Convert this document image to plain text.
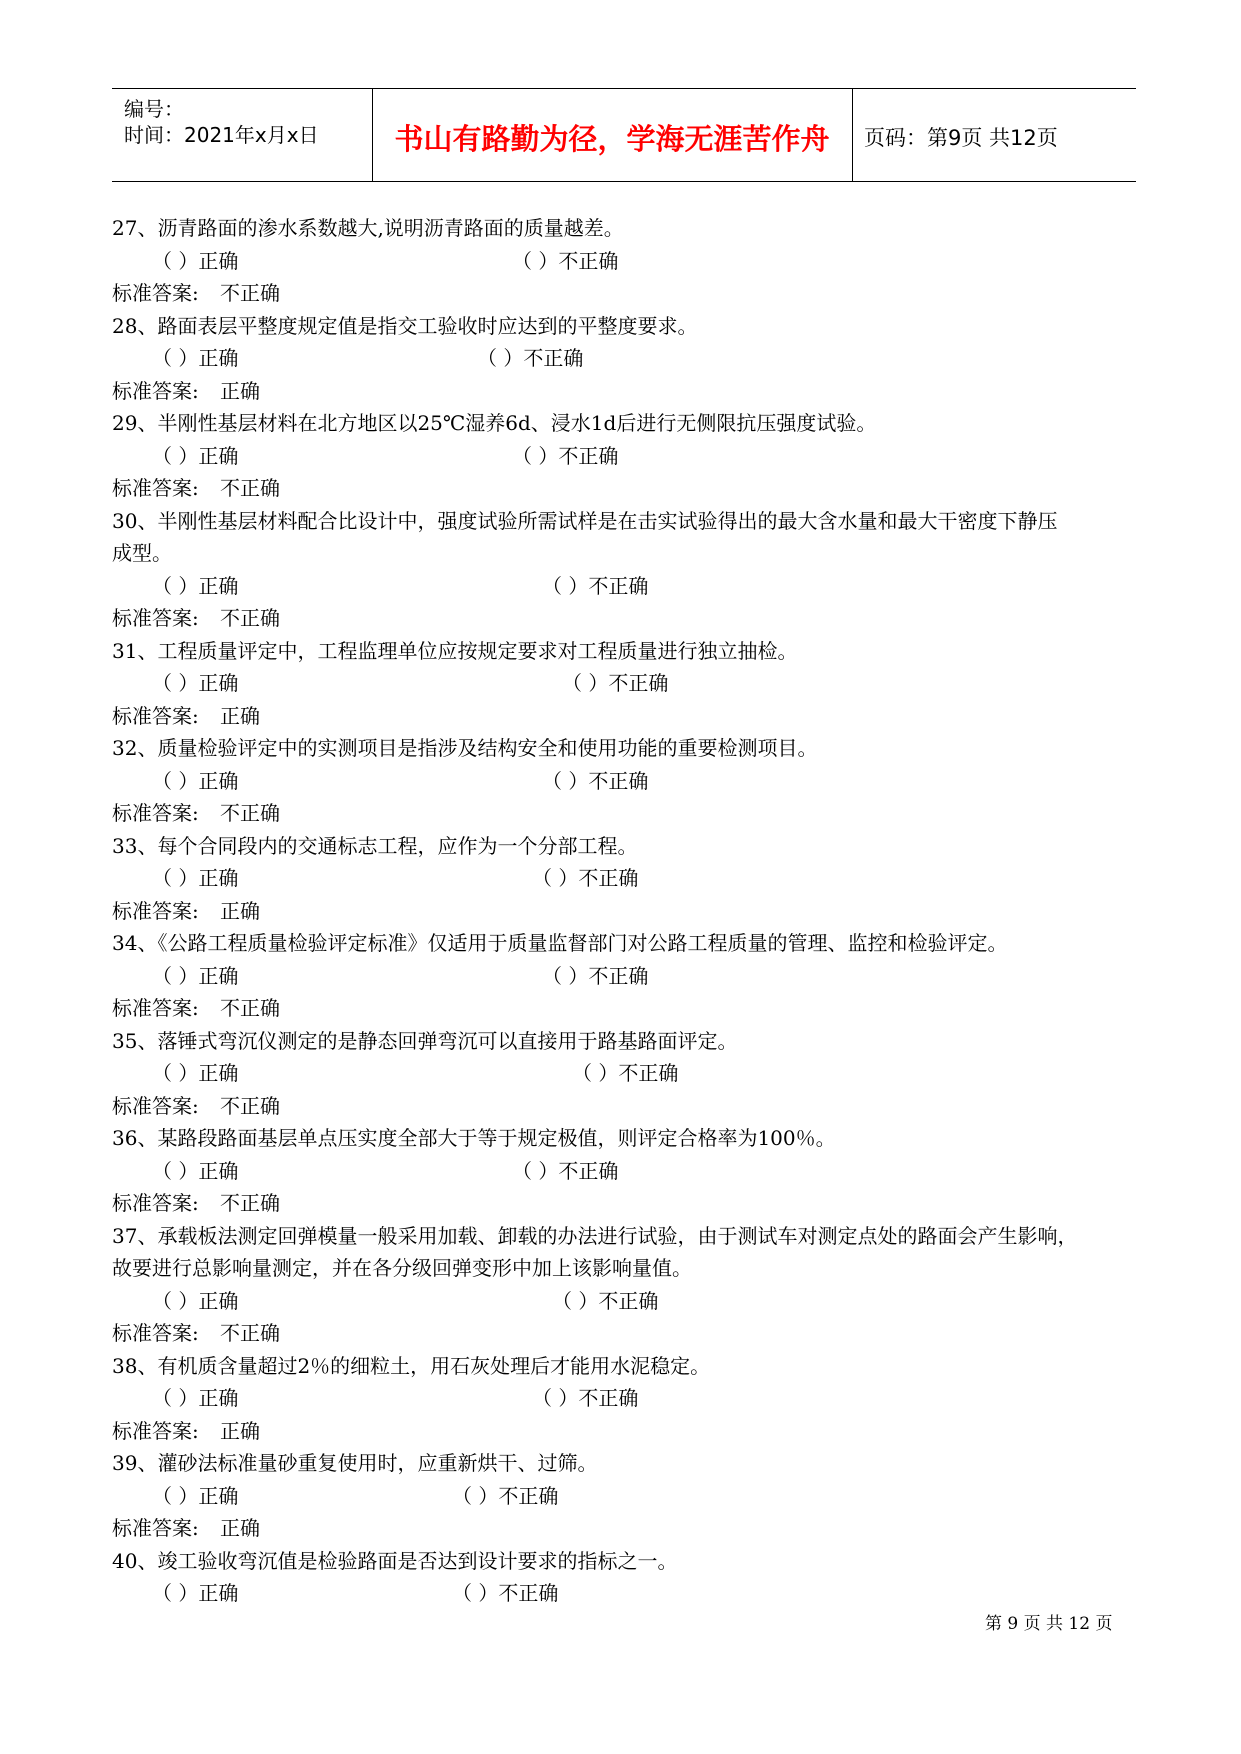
编号：
时间：2021年x月x日	书山有路勤为径，学海无涯苦作舟	页码：第9页 共12页
27、沥青路面的渗水系数越大,说明沥青路面的质量越差。
（ ）正确	（ ）不正确
标准答案: 不正确
28、路面表层平整度规定值是指交工验收时应达到的平整度要求。
（ ）正确	（ ）不正确
标准答案: 正确
29、半刚性基层材料在北方地区以25℃湿养6d、浸水1d后进行无侧限抗压强度试验。
（ ）正确	（ ）不正确
标准答案: 不正确
30、半刚性基层材料配合比设计中，强度试验所需试样是在击实试验得出的最大含水量和最大干密度下静压
成型。
（ ）正确	（ ）不正确
标准答案: 不正确
31、工程质量评定中，工程监理单位应按规定要求对工程质量进行独立抽检。
（ ）正确	（ ）不正确
标准答案: 正确
32、质量检验评定中的实测项目是指涉及结构安全和使用功能的重要检测项目。
（ ）正确	（ ）不正确
标准答案: 不正确
33、每个合同段内的交通标志工程，应作为一个分部工程。
（ ）正确	（ ）不正确
标准答案: 正确
34、《公路工程质量检验评定标准》仅适用于质量监督部门对公路工程质量的管理、监控和检验评定。
（ ）正确	（ ）不正确
标准答案: 不正确
35、落锤式弯沉仪测定的是静态回弹弯沉可以直接用于路基路面评定。
（ ）正确	（ ）不正确
标准答案: 不正确
36、某路段路面基层单点压实度全部大于等于规定极值，则评定合格率为100％。
（ ）正确	（ ）不正确
标准答案: 不正确
37、承载板法测定回弹模量一般采用加载、卸载的办法进行试验，由于测试车对测定点处的路面会产生影响，
故要进行总影响量测定，并在各分级回弹变形中加上该影响量值。
（ ）正确	（ ）不正确
标准答案: 不正确
38、有机质含量超过2％的细粒土，用石灰处理后才能用水泥稳定。
（ ）正确	（ ）不正确
标准答案: 正确
39、灌砂法标准量砂重复使用时，应重新烘干、过筛。
（ ）正确	（ ）不正确
标准答案: 正确
40、竣工验收弯沉值是检验路面是否达到设计要求的指标之一。
（ ）正确	（ ）不正确
第 9 页 共 12 页
